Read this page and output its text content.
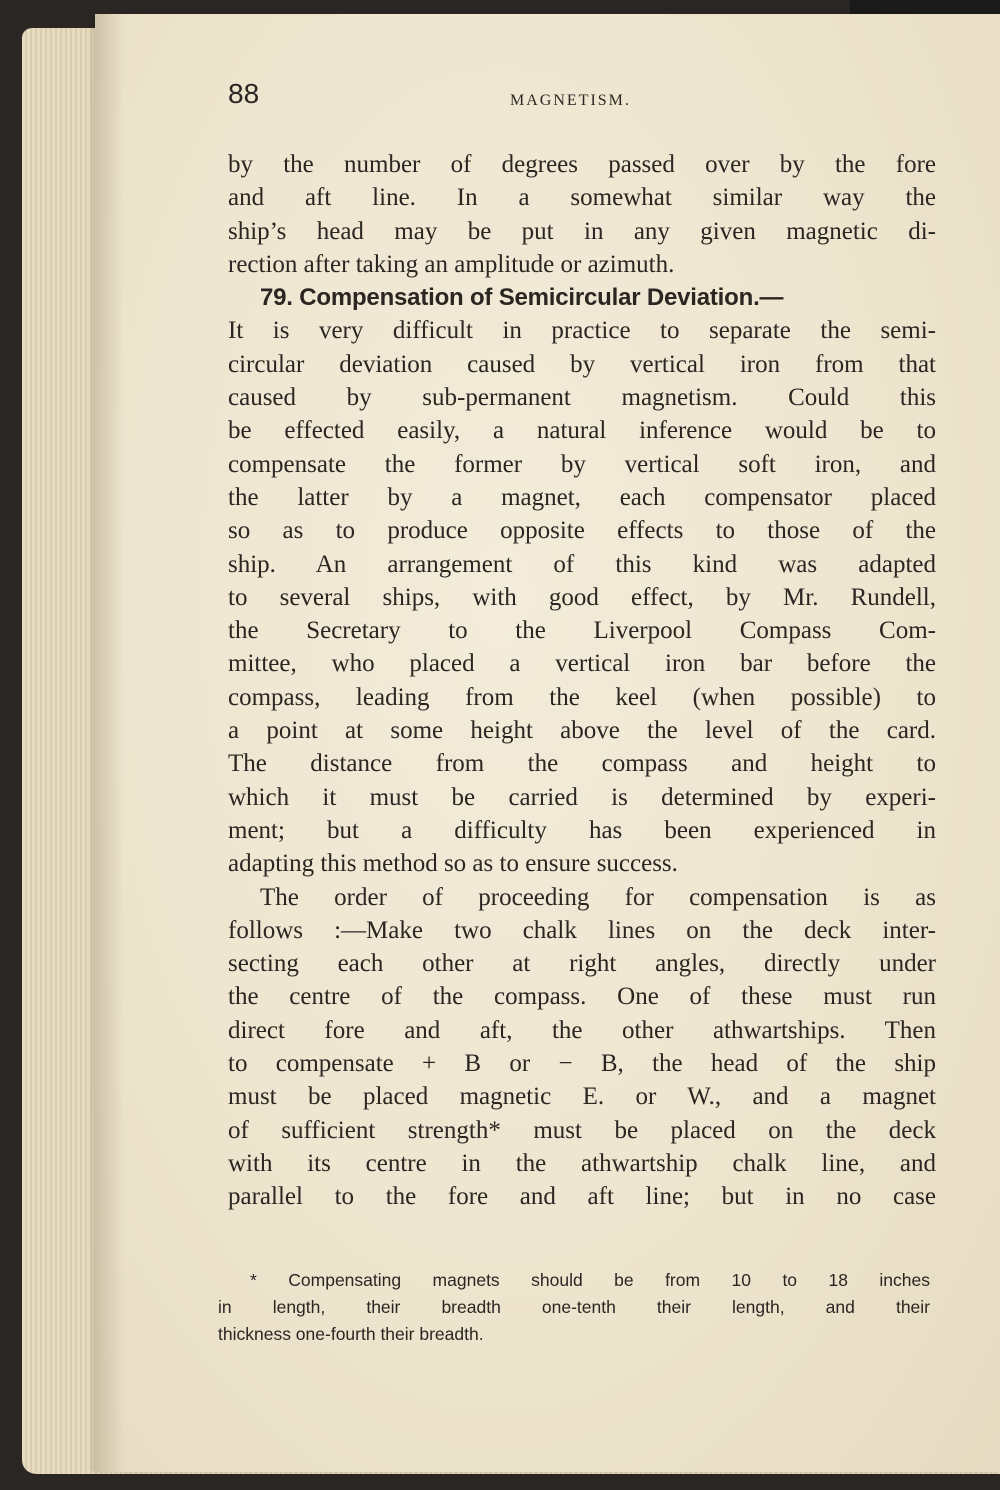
88	MAGNETISM.
by the number of degrees passed over by the fore
and aft line. In a somewhat similar way the
ship’s head may be put in any given magnetic di-
rection after taking an amplitude or azimuth.
79. Compensation of Semicircular Deviation.—
It is very difficult in practice to separate the semi-
circular deviation caused by vertical iron from that
caused by sub-permanent magnetism. Could this
be effected easily, a natural inference would be to
compensate the former by vertical soft iron, and
the latter by a magnet, each compensator placed
so as to produce opposite effects to those of the
ship. An arrangement of this kind was adapted
to several ships, with good effect, by Mr. Rundell,
the Secretary to the Liverpool Compass Com-
mittee, who placed a vertical iron bar before the
compass, leading from the keel (when possible) to
a point at some height above the level of the card.
The distance from the compass and height to
which it must be carried is determined by experi-
ment; but a difficulty has been experienced in
adapting this method so as to ensure success.
The order of proceeding for compensation is as
follows :—Make two chalk lines on the deck inter-
secting each other at right angles, directly under
the centre of the compass. One of these must run
direct fore and aft, the other athwartships. Then
to compensate + B or − B, the head of the ship
must be placed magnetic E. or W., and a magnet
of sufficient strength* must be placed on the deck
with its centre in the athwartship chalk line, and
parallel to the fore and aft line; but in no case
* Compensating magnets should be from 10 to 18 inches
in length, their breadth one-tenth their length, and their
thickness one-fourth their breadth.
